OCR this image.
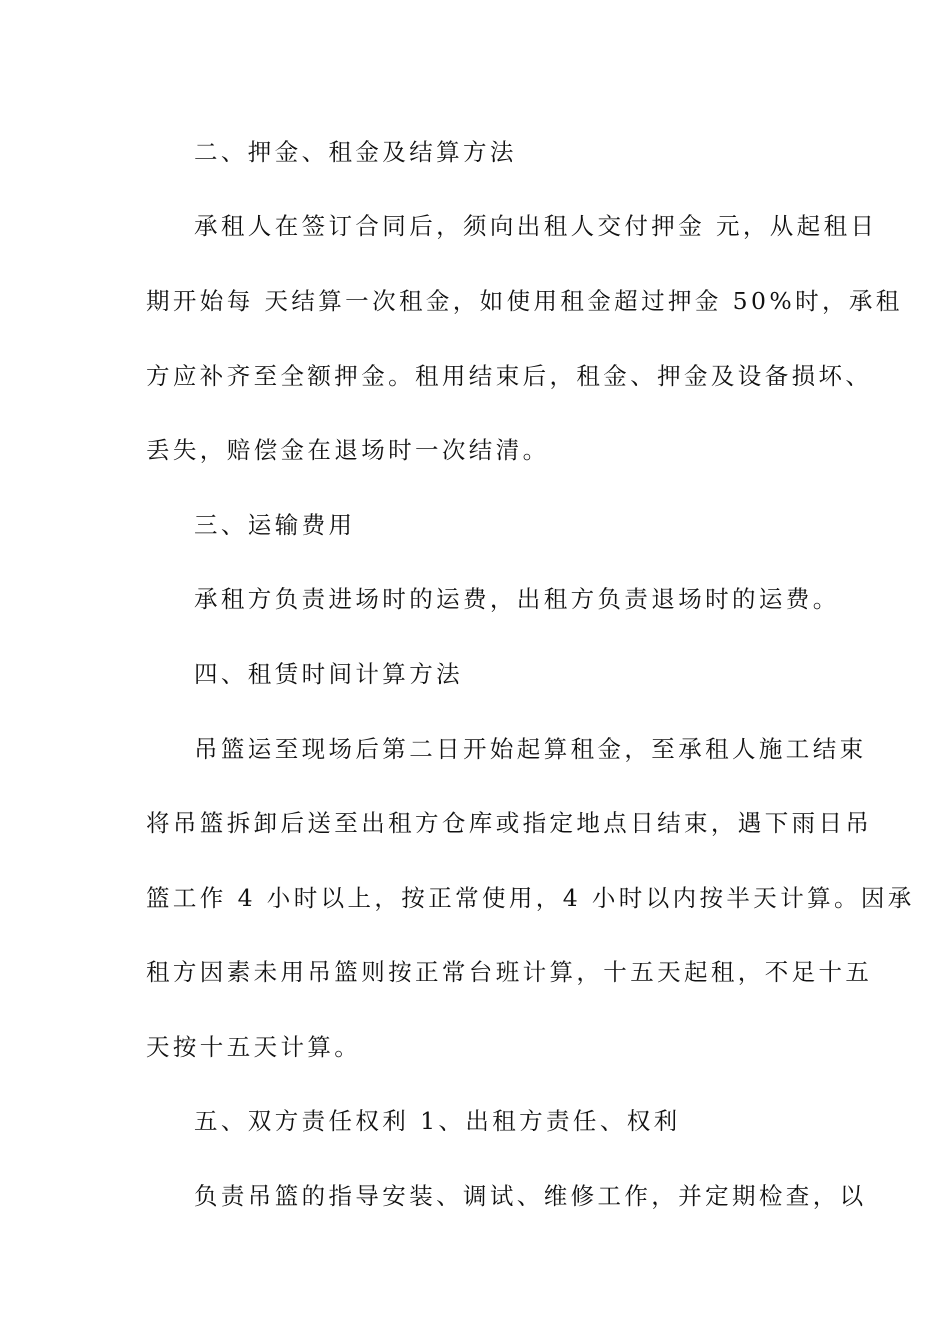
二、押金、租金及结算方法
承租人在签订合同后，须向出租人交付押金 元，从起租日
期开始每 天结算一次租金，如使用租金超过押金 50%时，承租
方应补齐至全额押金。租用结束后，租金、押金及设备损坏、
丢失，赔偿金在退场时一次结清。
三、运输费用
承租方负责进场时的运费，出租方负责退场时的运费。
四、租赁时间计算方法
吊篮运至现场后第二日开始起算租金，至承租人施工结束
将吊篮拆卸后送至出租方仓库或指定地点日结束，遇下雨日吊
篮工作 4 小时以上，按正常使用，4 小时以内按半天计算。因承
租方因素未用吊篮则按正常台班计算，十五天起租，不足十五
天按十五天计算。
五、双方责任权利 1、出租方责任、权利
负责吊篮的指导安装、调试、维修工作，并定期检查，以
